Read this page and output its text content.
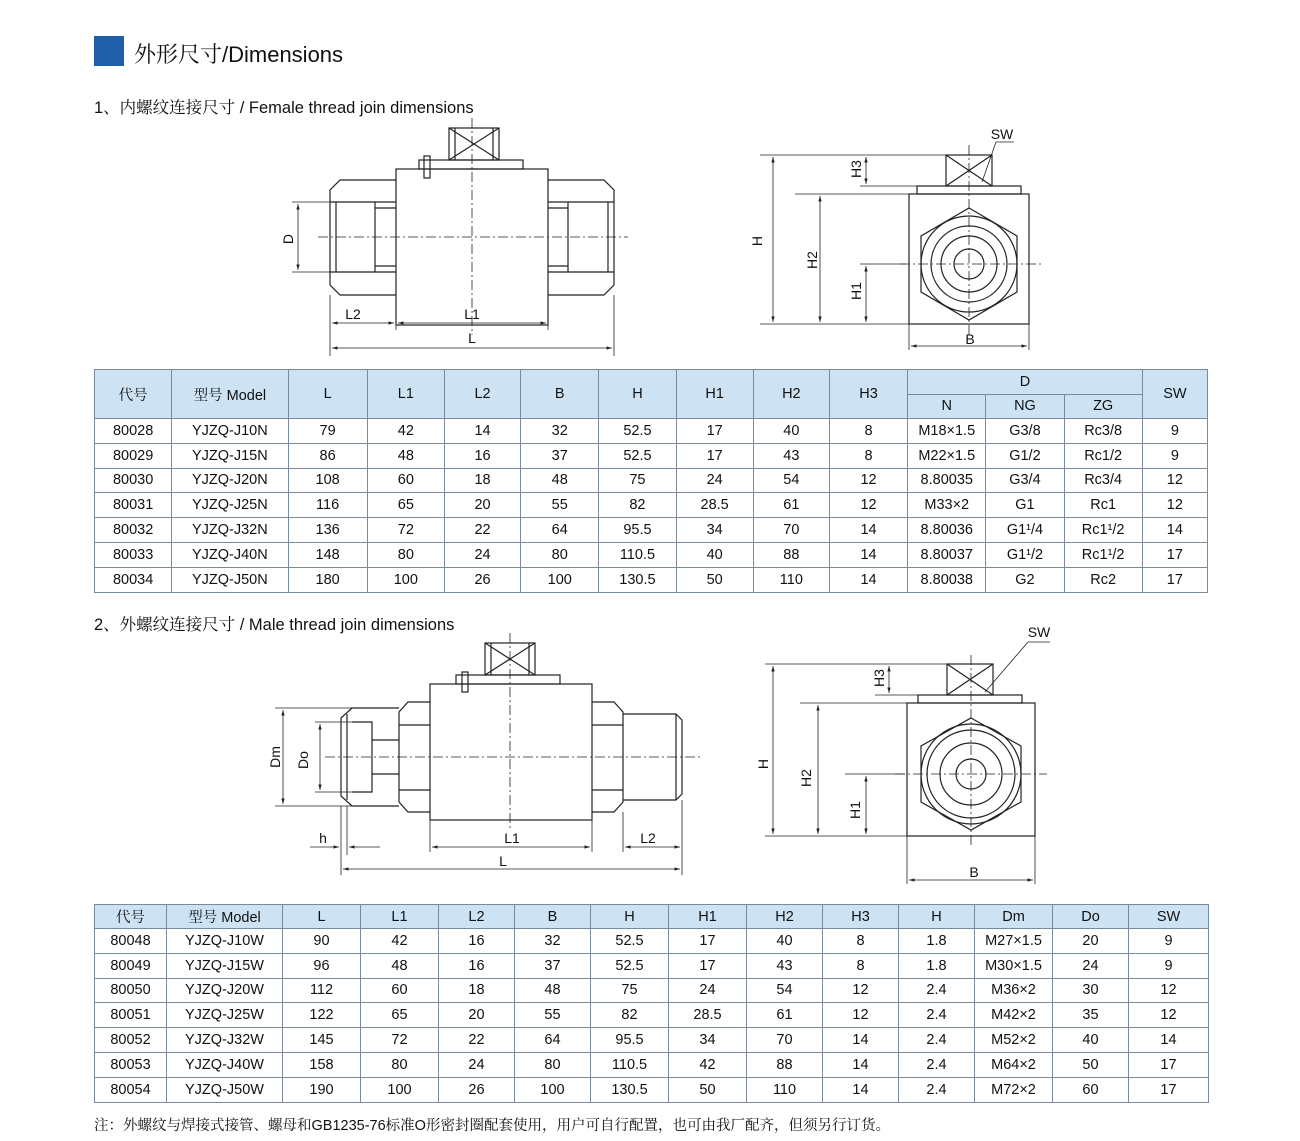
外形尺寸/Dimensions
1、内螺纹连接尺寸 / Female thread join dimensions
D
L2	L1
L
SW
H3
H
H2
H1
B
代号	型号 Model	L	L1	L2	B	H	H1	H2	H3	D			SW
										N	NG	ZG	
80028	YJZQ-J10N	79	42	14	32	52.5	17	40	8	M18×1.5	G3/8	Rc3/8	9
80029	YJZQ-J15N	86	48	16	37	52.5	17	43	8	M22×1.5	G1/2	Rc1/2	9
80030	YJZQ-J20N	108	60	18	48	75	24	54	12	8.80035	G3/4	Rc3/4	12
80031	YJZQ-J25N	116	65	20	55	82	28.5	61	12	M33×2	G1	Rc1	12
80032	YJZQ-J32N	136	72	22	64	95.5	34	70	14	8.80036	G1¹/4	Rc1¹/2	14
80033	YJZQ-J40N	148	80	24	80	110.5	40	88	14	8.80037	G1¹/2	Rc1¹/2	17
80034	YJZQ-J50N	180	100	26	100	130.5	50	110	14	8.80038	G2	Rc2	17
2、外螺纹连接尺寸 / Male thread join dimensions
Dm Do
h	L1	L2
L
SW
H3
H
H2
H1
B
代号	型号 Model	L	L1	L2	B	H	H1	H2	H3	H	Dm	Do	SW
80048	YJZQ-J10W	90	42	16	32	52.5	17	40	8	1.8	M27×1.5	20	9
80049	YJZQ-J15W	96	48	16	37	52.5	17	43	8	1.8	M30×1.5	24	9
80050	YJZQ-J20W	112	60	18	48	75	24	54	12	2.4	M36×2	30	12
80051	YJZQ-J25W	122	65	20	55	82	28.5	61	12	2.4	M42×2	35	12
80052	YJZQ-J32W	145	72	22	64	95.5	34	70	14	2.4	M52×2	40	14
80053	YJZQ-J40W	158	80	24	80	110.5	42	88	14	2.4	M64×2	50	17
80054	YJZQ-J50W	190	100	26	100	130.5	50	110	14	2.4	M72×2	60	17
注：外螺纹与焊接式接管、螺母和GB1235-76标准O形密封圈配套使用，用户可自行配置，也可由我厂配齐，但须另行订货。
